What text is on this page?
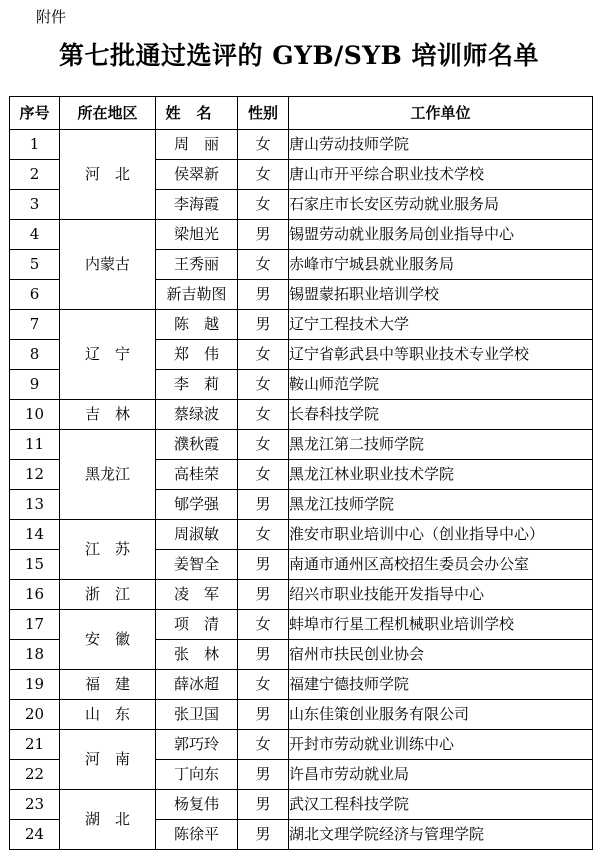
附件
第七批通过选评的 GYB/SYB 培训师名单
序号	所在地区	姓名	性别	工作单位
1	河　北	周　丽	女	唐山劳动技师学院
2		侯翠新	女	唐山市开平综合职业技术学校
3		李海霞	女	石家庄市长安区劳动就业服务局
4	内蒙古	梁旭光	男	锡盟劳动就业服务局创业指导中心
5		王秀丽	女	赤峰市宁城县就业服务局
6		新吉勒图	男	锡盟蒙拓职业培训学校
7	辽　宁	陈　越	男	辽宁工程技术大学
8		郑　伟	女	辽宁省彰武县中等职业技术专业学校
9		李　莉	女	鞍山师范学院
10	吉　林	蔡绿波	女	长春科技学院
11	黑龙江	濮秋霞	女	黑龙江第二技师学院
12		高桂荣	女	黑龙江林业职业技术学院
13		郇学强	男	黑龙江技师学院
14	江　苏	周淑敏	女	淮安市职业培训中心（创业指导中心）
15		姜智全	男	南通市通州区高校招生委员会办公室
16	浙　江	凌　军	男	绍兴市职业技能开发指导中心
17	安　徽	项　清	女	蚌埠市行星工程机械职业培训学校
18		张　林	男	宿州市扶民创业协会
19	福　建	薛冰超	女	福建宁德技师学院
20	山　东	张卫国	男	山东佳策创业服务有限公司
21	河　南	郭巧玲	女	开封市劳动就业训练中心
22		丁向东	男	许昌市劳动就业局
23	湖　北	杨复伟	男	武汉工程科技学院
24		陈徐平	男	湖北文理学院经济与管理学院
